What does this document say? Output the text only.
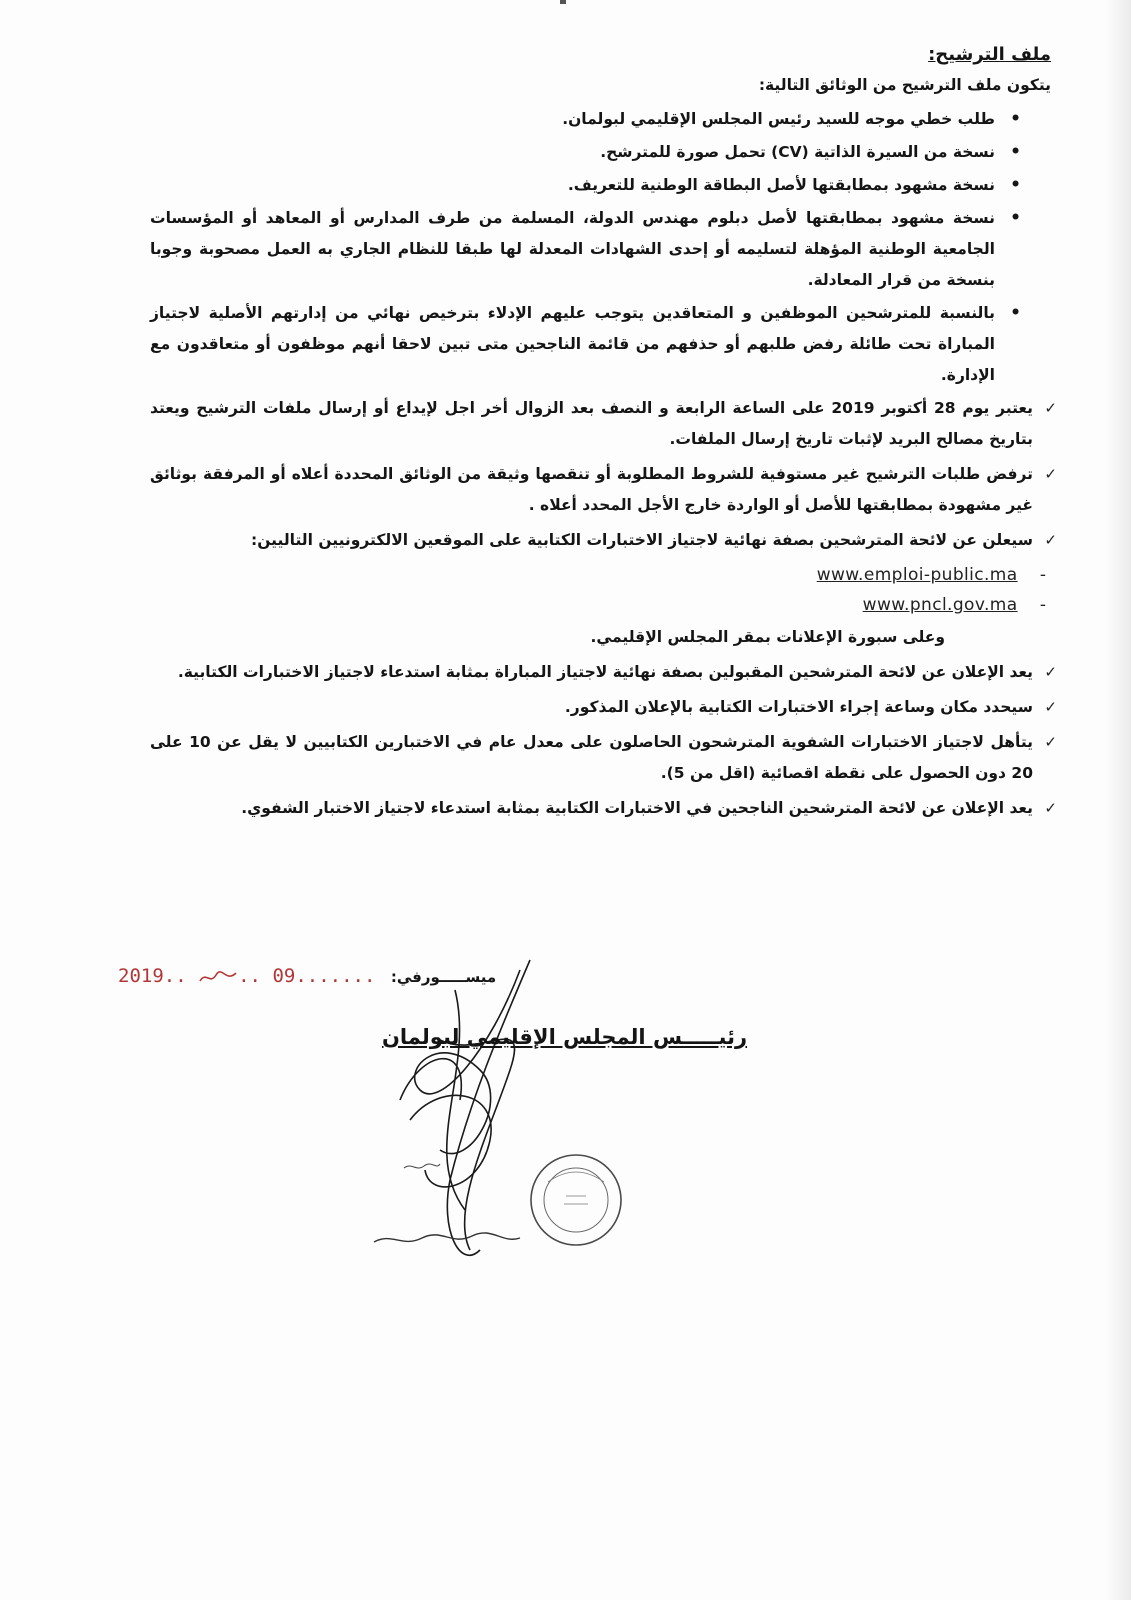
ملف الترشيح:
يتكون ملف الترشيح من الوثائق التالية:
• طلب خطي موجه للسيد رئيس المجلس الإقليمي لبولمان.
• نسخة من السيرة الذاتية (CV) تحمل صورة للمترشح.
• نسخة مشهود بمطابقتها لأصل البطاقة الوطنية للتعريف.
• نسخة مشهود بمطابقتها لأصل دبلوم مهندس الدولة، المسلمة من طرف المدارس أو المعاهد أو المؤسسات الجامعية الوطنية المؤهلة لتسليمه أو إحدى الشهادات المعدلة لها طبقا للنظام الجاري به العمل مصحوبة وجوبا بنسخة من قرار المعادلة.
• بالنسبة للمترشحين الموظفين و المتعاقدين يتوجب عليهم الإدلاء بترخيص نهائي من إدارتهم الأصلية لاجتياز المباراة تحت طائلة رفض طلبهم أو حذفهم من قائمة الناجحين متى تبين لاحقا أنهم موظفون أو متعاقدون مع الإدارة.
✓
يعتبر يوم 28 أكتوبر 2019 على الساعة الرابعة و النصف بعد الزوال أخر اجل لإيداع أو إرسال ملفات الترشيح ويعتد بتاريخ مصالح البريد لإثبات تاريخ إرسال الملفات.
✓
ترفض طلبات الترشيح غير مستوفية للشروط المطلوبة أو تنقصها وثيقة من الوثائق المحددة أعلاه أو المرفقة بوثائق غير مشهودة بمطابقتها للأصل أو الواردة خارج الأجل المحدد أعلاه .
✓
سيعلن عن لائحة المترشحين بصفة نهائية لاجتياز الاختبارات الكتابية على الموقعين الالكترونيين التاليين:
www.emploi-public.ma -
www.pncl.gov.ma -
وعلى سبورة الإعلانات بمقر المجلس الإقليمي.
✓
يعد الإعلان عن لائحة المترشحين المقبولين بصفة نهائية لاجتياز المباراة بمثابة استدعاء لاجتياز الاختبارات الكتابية.
✓
سيحدد مكان وساعة إجراء الاختبارات الكتابية بالإعلان المذكور.
✓
يتأهل لاجتياز الاختبارات الشفوية المترشحون الحاصلون على معدل عام في الاختبارين الكتابيين لا يقل عن 10 على 20 دون الحصول على نقطة اقصائية (اقل من 5).
✓
يعد الإعلان عن لائحة المترشحين الناجحين في الاختبارات الكتابية بمثابة استدعاء لاجتياز الاختبار الشفوي.
2019..	.. 09....... ميســـــورفي:
رئيـــــس المجلس الإقليمي لبولمان
